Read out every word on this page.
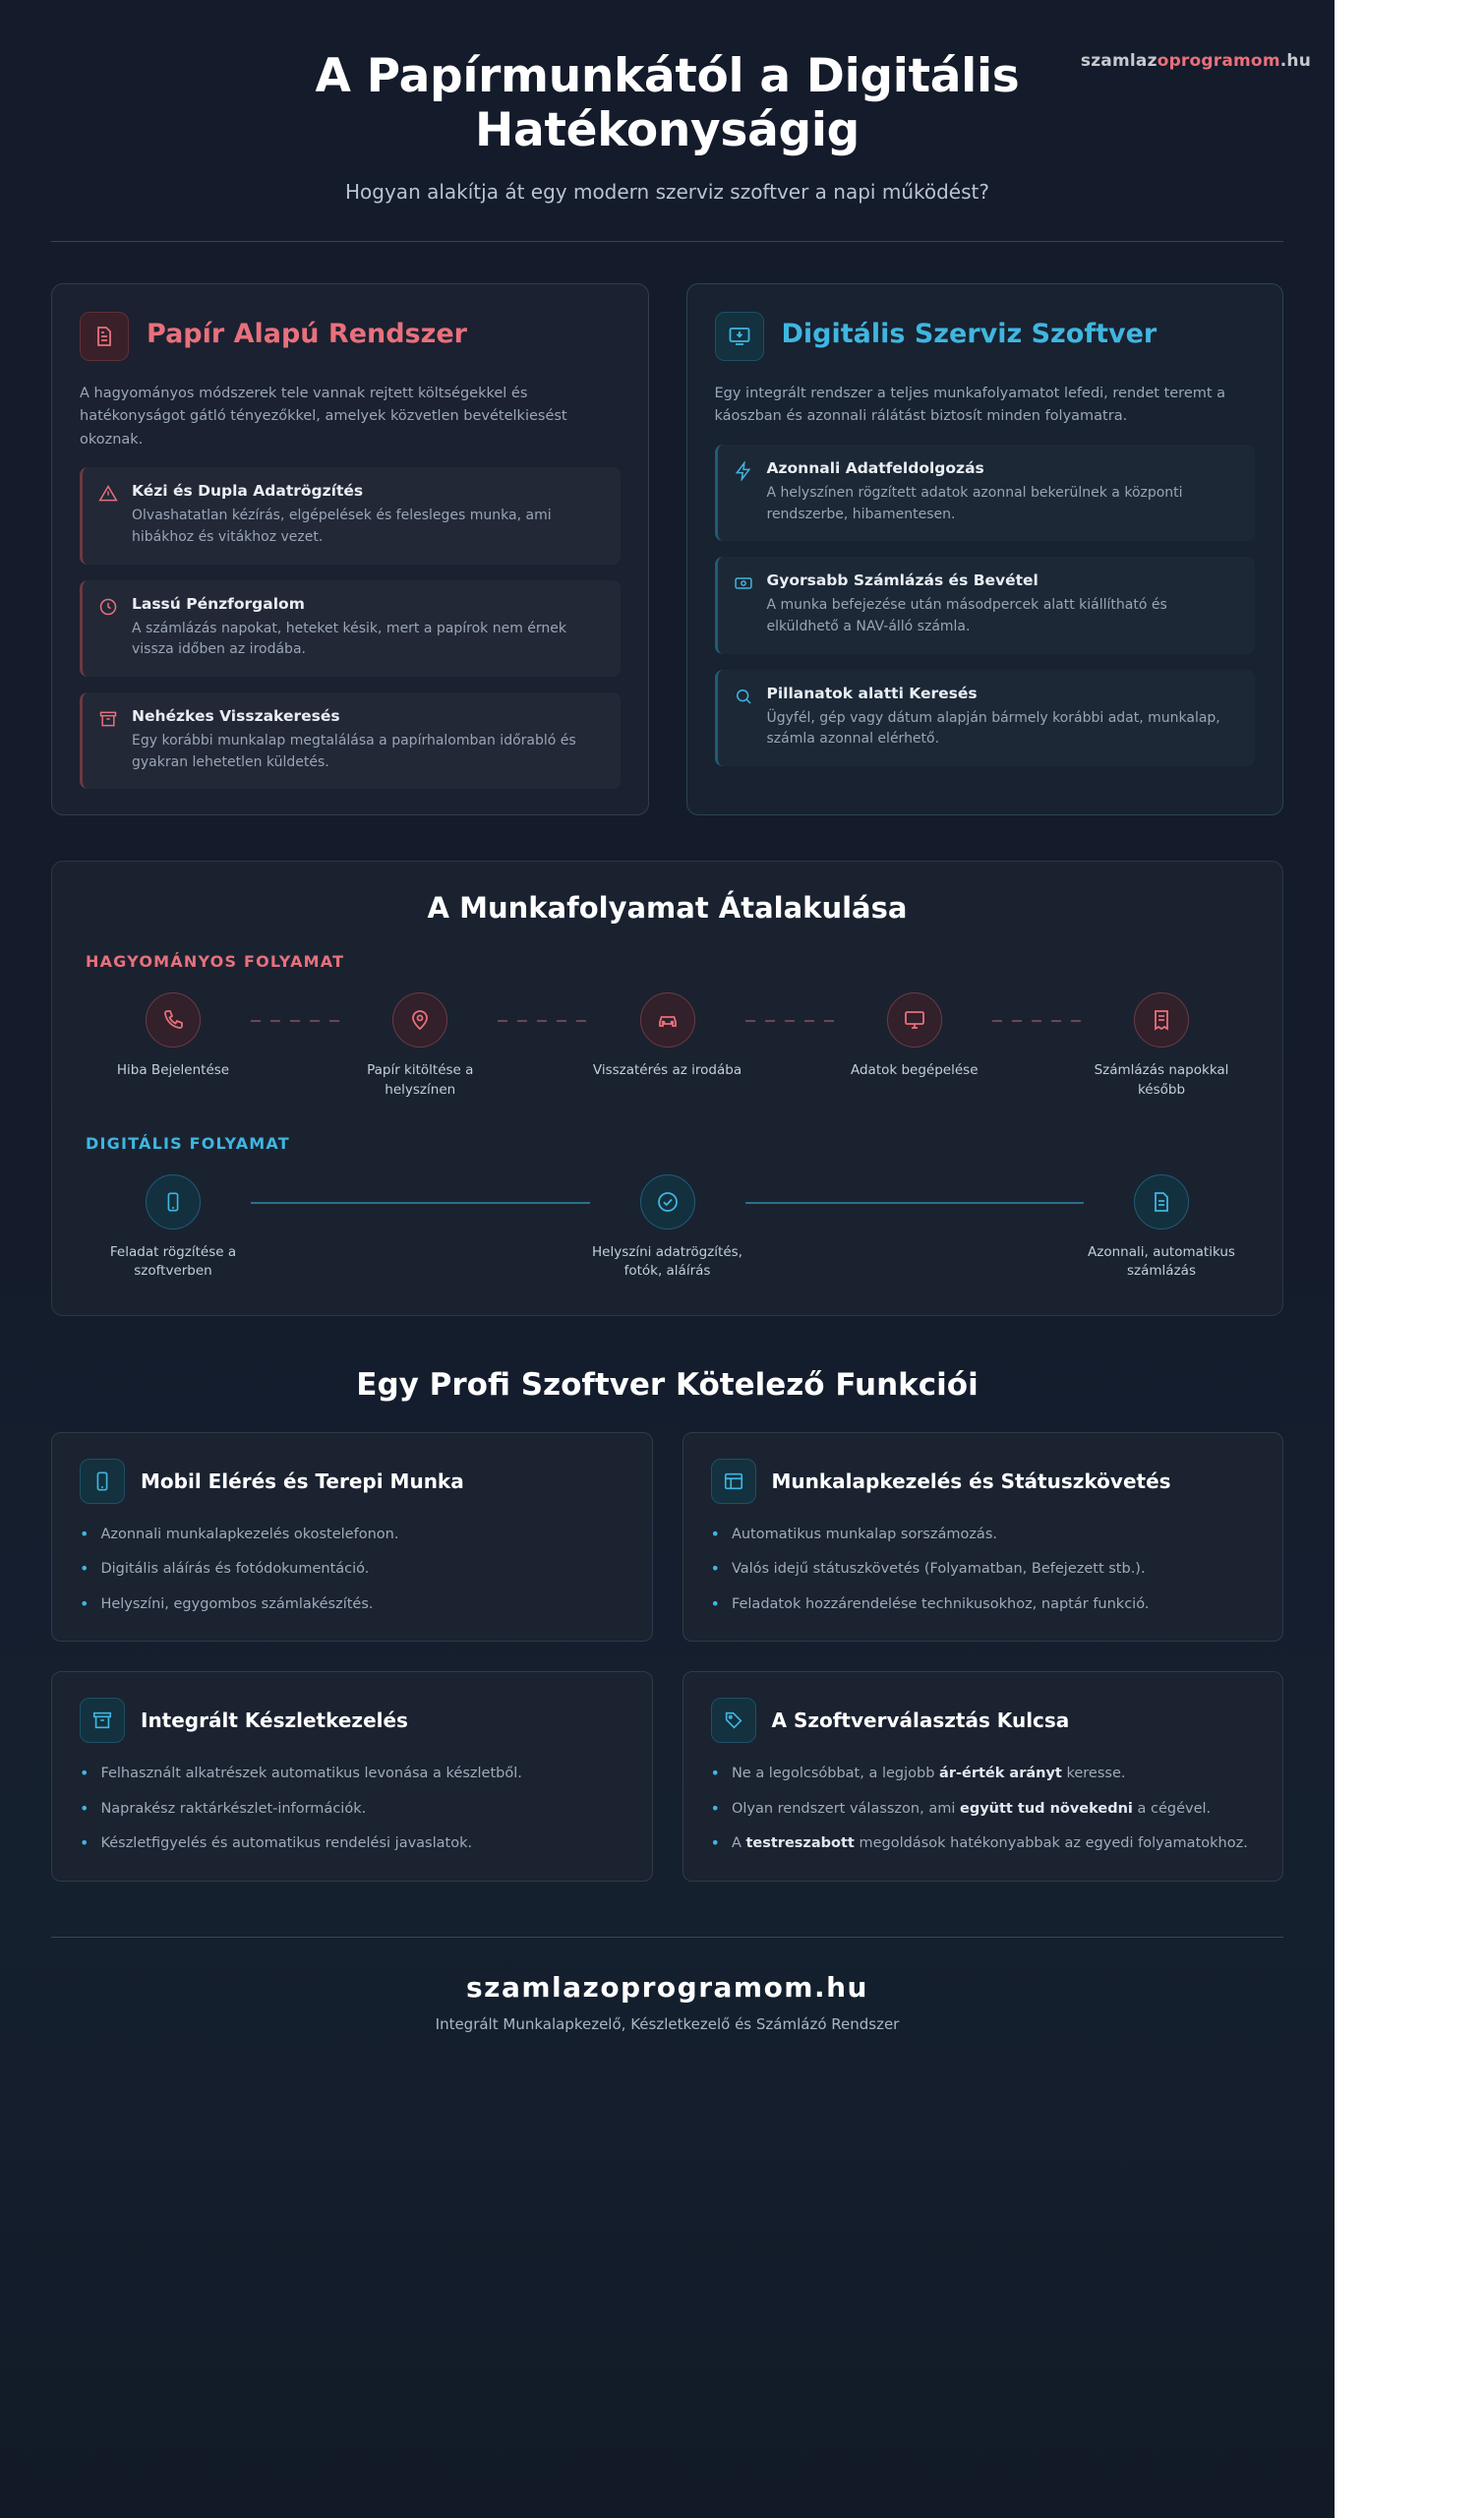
szamlazoprogramom.hu
A Papírmunkától a Digitális Hatékonyságig
Hogyan alakítja át egy modern szerviz szoftver a napi működést?
Papír Alapú Rendszer
A hagyományos módszerek tele vannak rejtett költségekkel és hatékonyságot gátló tényezőkkel, amelyek közvetlen bevételkiesést okoznak.
Kézi és Dupla Adatrögzítés
Olvashatatlan kézírás, elgépelések és felesleges munka, ami hibákhoz és vitákhoz vezet.
Lassú Pénzforgalom
A számlázás napokat, heteket késik, mert a papírok nem érnek vissza időben az irodába.
Nehézkes Visszakeresés
Egy korábbi munkalap megtalálása a papírhalomban időrabló és gyakran lehetetlen küldetés.
Digitális Szerviz Szoftver
Egy integrált rendszer a teljes munkafolyamatot lefedi, rendet teremt a káoszban és azonnali rálátást biztosít minden folyamatra.
Azonnali Adatfeldolgozás
A helyszínen rögzített adatok azonnal bekerülnek a központi rendszerbe, hibamentesen.
Gyorsabb Számlázás és Bevétel
A munka befejezése után másodpercek alatt kiállítható és elküldhető a NAV-álló számla.
Pillanatok alatti Keresés
Ügyfél, gép vagy dátum alapján bármely korábbi adat, munkalap, számla azonnal elérhető.
A Munkafolyamat Átalakulása
HAGYOMÁNYOS FOLYAMAT
Hiba Bejelentése	Papír kitöltése a helyszínen
Visszatérés az irodába	Adatok begépelése	Számlázás napokkal később
DIGITÁLIS FOLYAMAT
Feladat rögzítése a szoftverben
Helyszíni adatrögzítés, fotók, aláírás
Azonnali, automatikus számlázás
Egy Profi Szoftver Kötelező Funkciói
Mobil Elérés és Terepi Munka
• Azonnali munkalapkezelés okostelefonon.
• Digitális aláírás és fotódokumentáció.
• Helyszíni, egygombos számlakészítés.
Munkalapkezelés és Státuszkövetés
• Automatikus munkalap sorszámozás.
• Valós idejű státuszkövetés (Folyamatban, Befejezett stb.).
• Feladatok hozzárendelése technikusokhoz, naptár funkció.
Integrált Készletkezelés
• Felhasznált alkatrészek automatikus levonása a készletből.
• Naprakész raktárkészlet-információk.
• Készletfigyelés és automatikus rendelési javaslatok.
A Szoftverválasztás Kulcsa
• Ne a legolcsóbbat, a legjobb ár-érték arányt keresse.
• Olyan rendszert válasszon, ami együtt tud növekedni a cégével.
• A testreszabott megoldások hatékonyabbak az egyedi folyamatokhoz.
szamlazoprogramom.hu
Integrált Munkalapkezelő, Készletkezelő és Számlázó Rendszer
